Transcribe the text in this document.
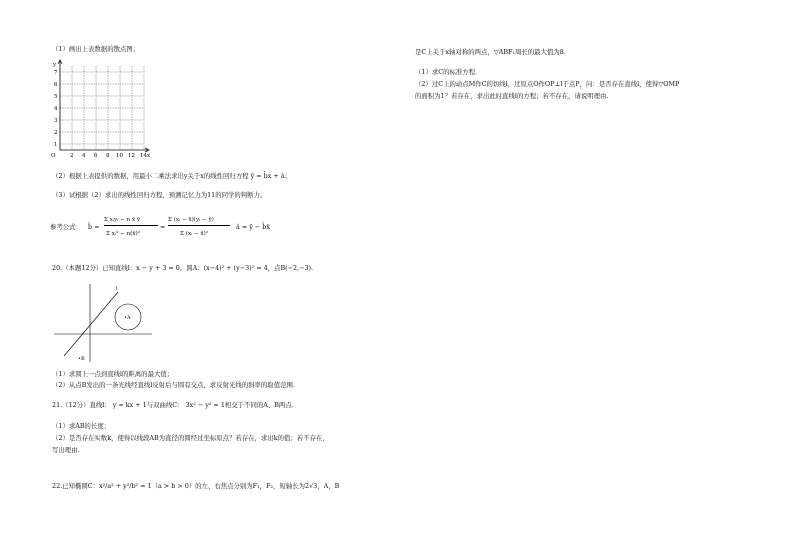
（1）画出上表数据的散点图；
y
x
O
7
6
5
4
3
2
1
2 4 6 8 10 12 14
（2）根据上表提供的数据，用最小二乘法求出y关于x的线性回归方程 ŷ = b̂x + â；
（3）试根据（2）求出的线性回归方程，预测记忆力为11的同学的判断力。
参考公式： b̂ =
Σ xᵢyᵢ − n x̄ ȳ
Σ xᵢ² − n(x̄)²
=
Σ (xᵢ − x̄)(yᵢ − ȳ)
Σ (xᵢ − x̄)²
â = ȳ − b̂x̄
20.（本题12分）已知直线l：x − y + 3 = 0，圆A：(x−4)² + (y−3)² = 4，点B(−2,−3).
l
•A
•B
（1）求圆上一点到直线l的距离的最大值；
（2）从点B发出的一条光线经直线l反射后与圆有交点，求反射光线的斜率的取值范围.
21.（12分）直线l： y = kx + 1与双曲线C： 3x² − y² = 1相交于不同的A、B两点.
（1）求AB的长度；
（2）是否存在实数k，使得以线段AB为直径的圆经过坐标原点？若存在，求出k的值；若不存在，
写出理由.
22.已知椭圆C：x²/a² + y²/b² = 1（a > b > 0）的左、右焦点分别为F₁，F₂，短轴长为2√3，A，B
是C上关于x轴对称的两点，▽ABF₁周长的最大值为8.
（1）求C的标准方程.
（2）过C上的动点M作C的切线l，过原点O作OP⊥l于点P，问：是否存在直线l，使得▽OMP
的面积为1？若存在，求出此时直线l的方程；若不存在，请说明理由.
